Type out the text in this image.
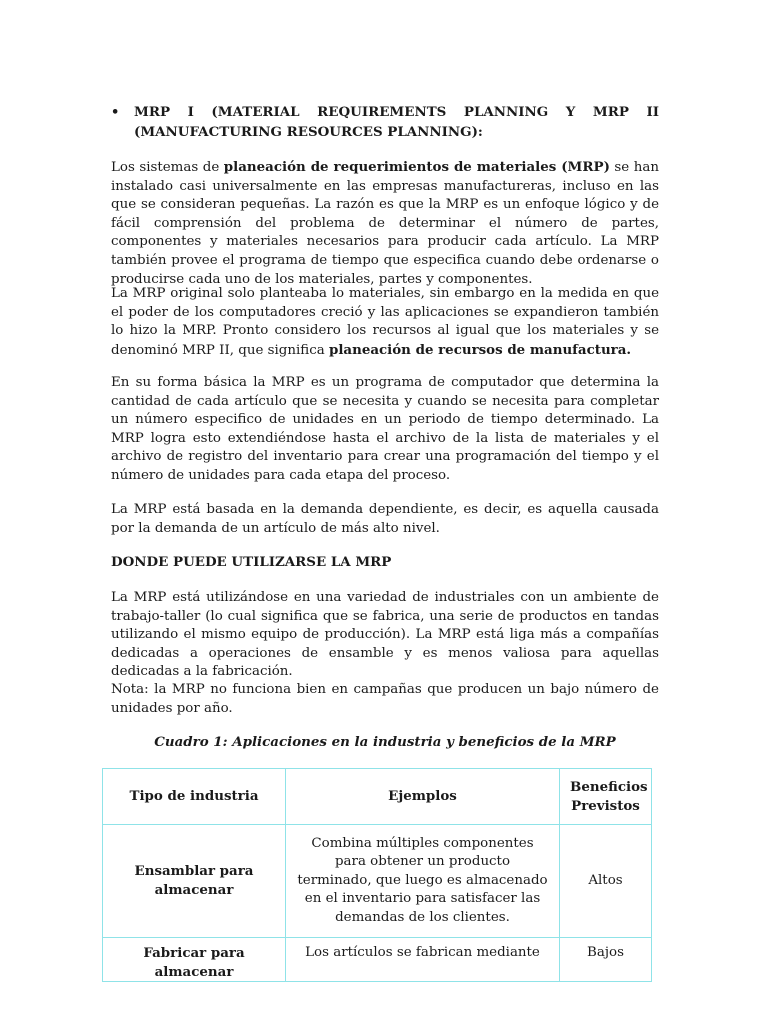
•	MRP I (MATERIAL REQUIREMENTS PLANNING Y MRP II
(MANUFACTURING RESOURCES PLANNING):

Los sistemas de planeación de requerimientos de materiales (MRP) se han instalado casi universalmente en las empresas manufactureras, incluso en las que se consideran pequeñas. La razón es que la MRP es un enfoque lógico y de fácil comprensión del problema de determinar el número de partes, componentes y materiales necesarios para producir cada artículo. La MRP también provee el programa de tiempo que especifica cuando debe ordenarse o producirse cada uno de los materiales, partes y componentes.

La MRP original solo planteaba lo materiales, sin embargo en la medida en que el poder de los computadores creció y las aplicaciones se expandieron también lo hizo la MRP. Pronto considero los recursos al igual que los materiales y se denominó MRP II, que significa planeación de recursos de manufactura.

En su forma básica la MRP es un programa de computador que determina la cantidad de cada artículo que se necesita y cuando se necesita para completar un número especifico de unidades en un periodo de tiempo determinado. La MRP logra esto extendiéndose hasta el archivo de la lista de materiales y el archivo de registro del inventario para crear una programación del tiempo y el número de unidades para cada etapa del proceso.

La MRP está basada en la demanda dependiente, es decir, es aquella causada por la demanda de un artículo de más alto nivel.

DONDE PUEDE UTILIZARSE LA MRP

La MRP está utilizándose en una variedad de industriales con un ambiente de trabajo-taller (lo cual significa que se fabrica, una serie de productos en tandas utilizando el mismo equipo de producción). La MRP está liga más a compañías dedicadas a operaciones de ensamble y es menos valiosa para aquellas dedicadas a la fabricación.

Nota: la MRP no funciona bien en campañas que producen un bajo número de unidades por año.

Cuadro 1: Aplicaciones en la industria y beneficios de la MRP

Tipo de industria	Ejemplos	Beneficios Previstos
Ensamblar para almacenar	Combina múltiples componentes para obtener un producto terminado, que luego es almacenado en el inventario para satisfacer las demandas de los clientes.	Altos
Fabricar para almacenar	Los artículos se fabrican mediante	Bajos
